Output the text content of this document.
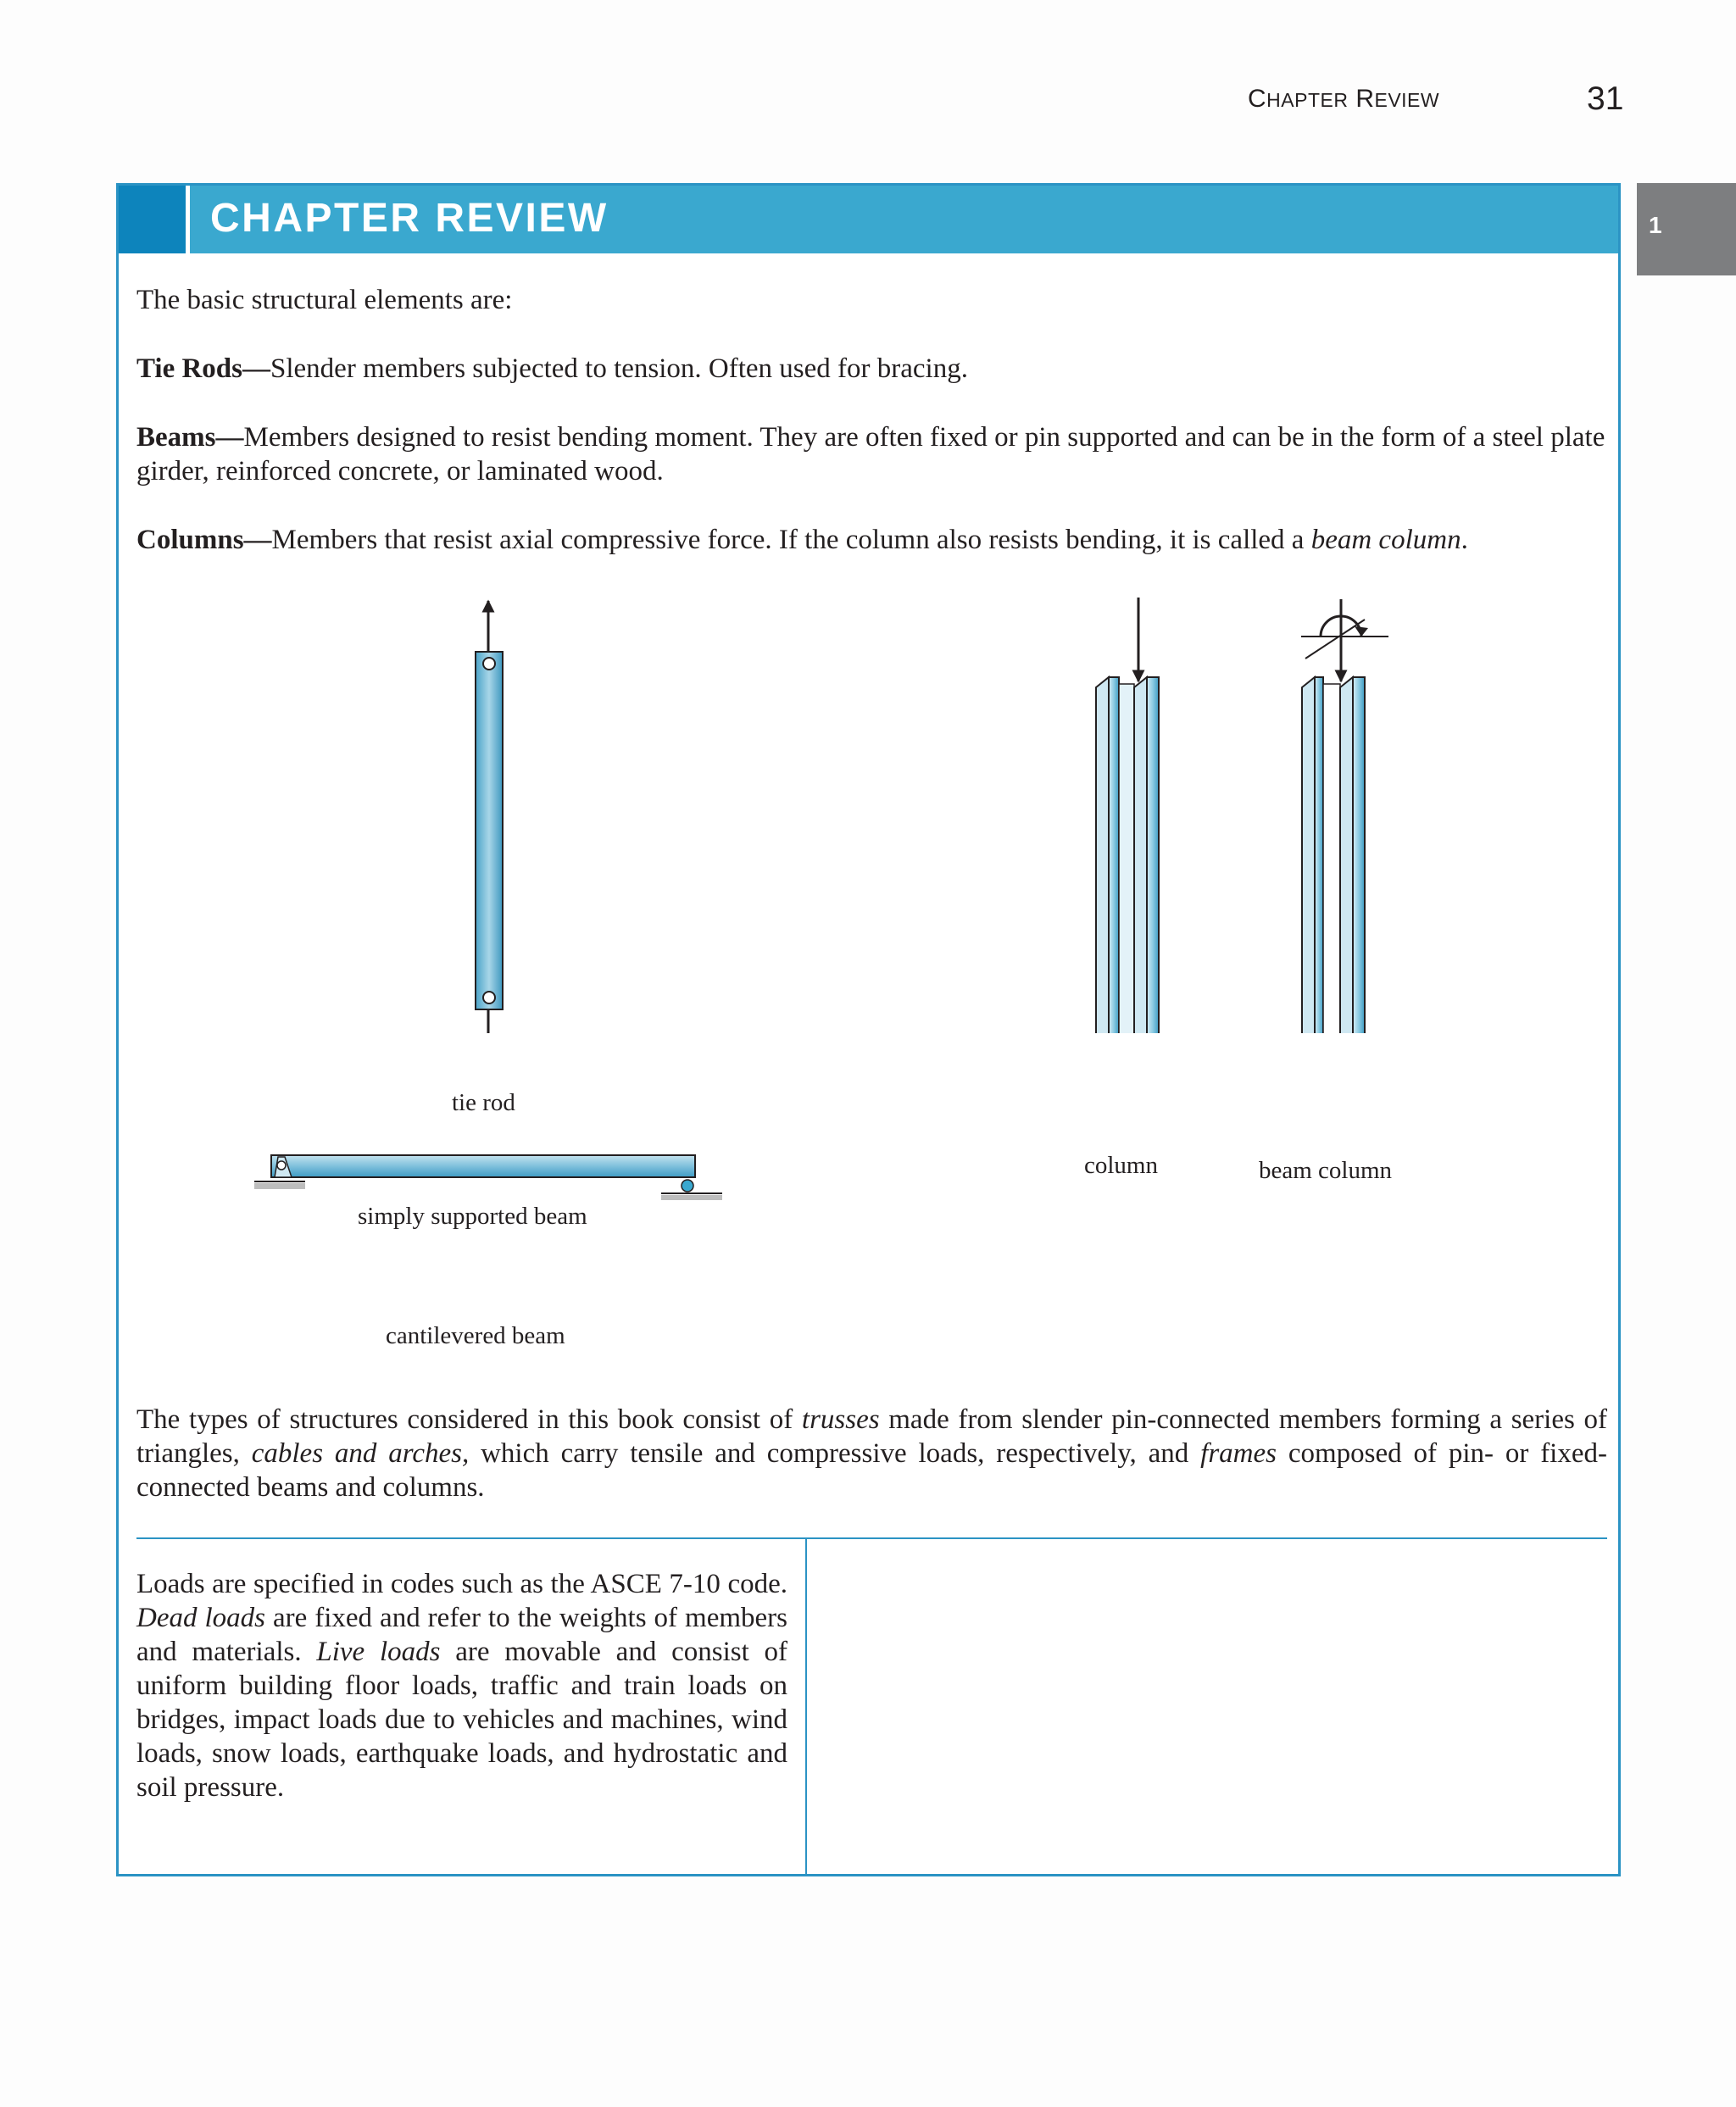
CHAPTER REVIEW	31
1
CHAPTER REVIEW

The basic structural elements are:

Tie Rods—Slender members subjected to tension. Often used for bracing.

Beams—Members designed to resist bending moment. They are often fixed or pin supported and can be in the form of a steel plate girder, reinforced concrete, or laminated wood.

Columns—Members that resist axial compressive force. If the column also resists bending, it is called a beam column.

tie rod
column	beam column
simply supported beam
cantilevered beam

The types of structures considered in this book consist of trusses made from slender pin-connected members forming a series of triangles, cables and arches, which carry tensile and compressive loads, respectively, and frames composed of pin- or fixed-connected beams and columns.

Loads are specified in codes such as the ASCE 7-10 code. Dead loads are fixed and refer to the weights of members and materials. Live loads are movable and consist of uniform building floor loads, traffic and train loads on bridges, impact loads due to vehicles and machines, wind loads, snow loads, earthquake loads, and hydrostatic and soil pressure.
